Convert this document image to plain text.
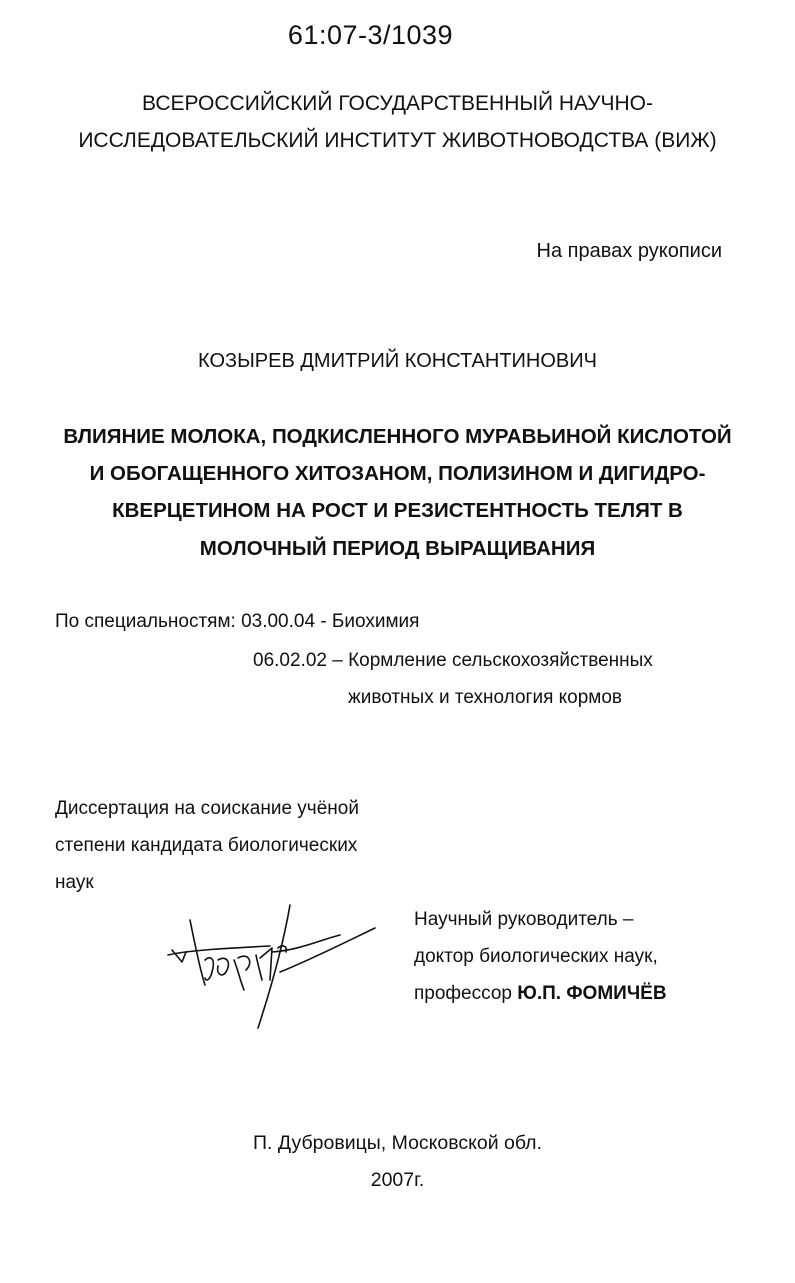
61:07-3/1039
ВСЕРОССИЙСКИЙ ГОСУДАРСТВЕННЫЙ НАУЧНО-
ИССЛЕДОВАТЕЛЬСКИЙ ИНСТИТУТ ЖИВОТНОВОДСТВА (ВИЖ)
На правах рукописи
КОЗЫРЕВ ДМИТРИЙ КОНСТАНТИНОВИЧ
ВЛИЯНИЕ МОЛОКА, ПОДКИСЛЕННОГО МУРАВЬИНОЙ КИСЛОТОЙ
И ОБОГАЩЕННОГО ХИТОЗАНОМ, ПОЛИЗИНОМ И ДИГИДРО-
КВЕРЦЕТИНОМ НА РОСТ И РЕЗИСТЕНТНОСТЬ ТЕЛЯТ В
МОЛОЧНЫЙ ПЕРИОД ВЫРАЩИВАНИЯ
По специальностям: 03.00.04 - Биохимия
06.02.02 – Кормление сельскохозяйственных
животных и технология кормов
Диссертация на соискание учёной
степени кандидата биологических
наук
Научный руководитель –
доктор биологических наук,
профессор Ю.П. ФОМИЧЁВ
П. Дубровицы, Московской обл.
2007г.
